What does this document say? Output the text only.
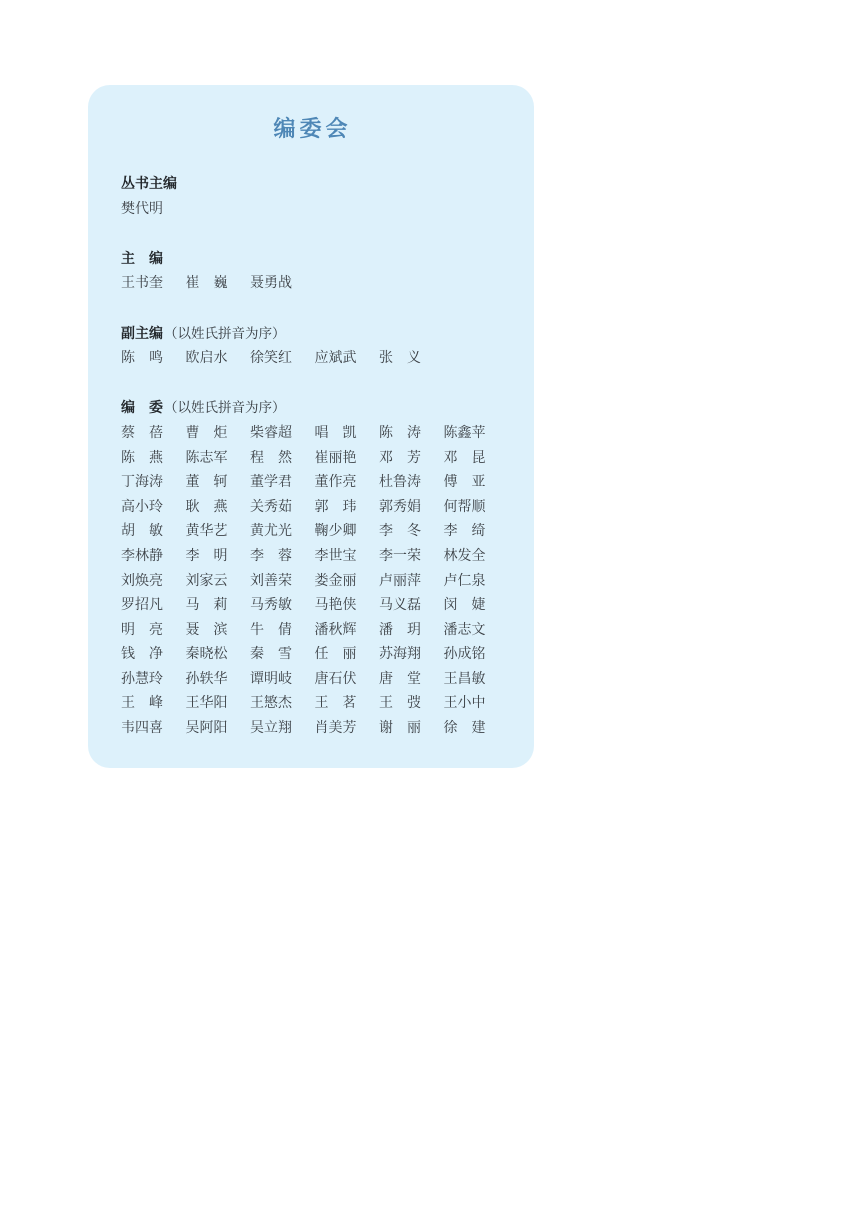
编委会
丛书主编
樊代明
主　编
王书奎	崔　巍	聂勇战
副主编（以姓氏拼音为序）
陈　鸣	欧启水	徐笑红	应斌武	张　义
编　委（以姓氏拼音为序）
蔡　蓓	曹　炬	柴睿超	唱　凯	陈　涛	陈鑫苹
陈　燕	陈志军	程　然	崔丽艳	邓　芳	邓　昆
丁海涛	董　轲	董学君	董作亮	杜鲁涛	傅　亚
高小玲	耿　燕	关秀茹	郭　玮	郭秀娟	何帮顺
胡　敏	黄华艺	黄尤光	鞠少卿	李　冬	李　绮
李林静	李　明	李　蓉	李世宝	李一荣	林发全
刘焕亮	刘家云	刘善荣	娄金丽	卢丽萍	卢仁泉
罗招凡	马　莉	马秀敏	马艳侠	马义磊	闵　婕
明　亮	聂　滨	牛　倩	潘秋辉	潘　玥	潘志文
钱　净	秦晓松	秦　雪	任　丽	苏海翔	孙成铭
孙慧玲	孙轶华	谭明岐	唐石伏	唐　堂	王昌敏
王　峰	王华阳	王慜杰	王　茗	王　弢	王小中
韦四喜	吴阿阳	吴立翔	肖美芳	谢　丽	徐　建
